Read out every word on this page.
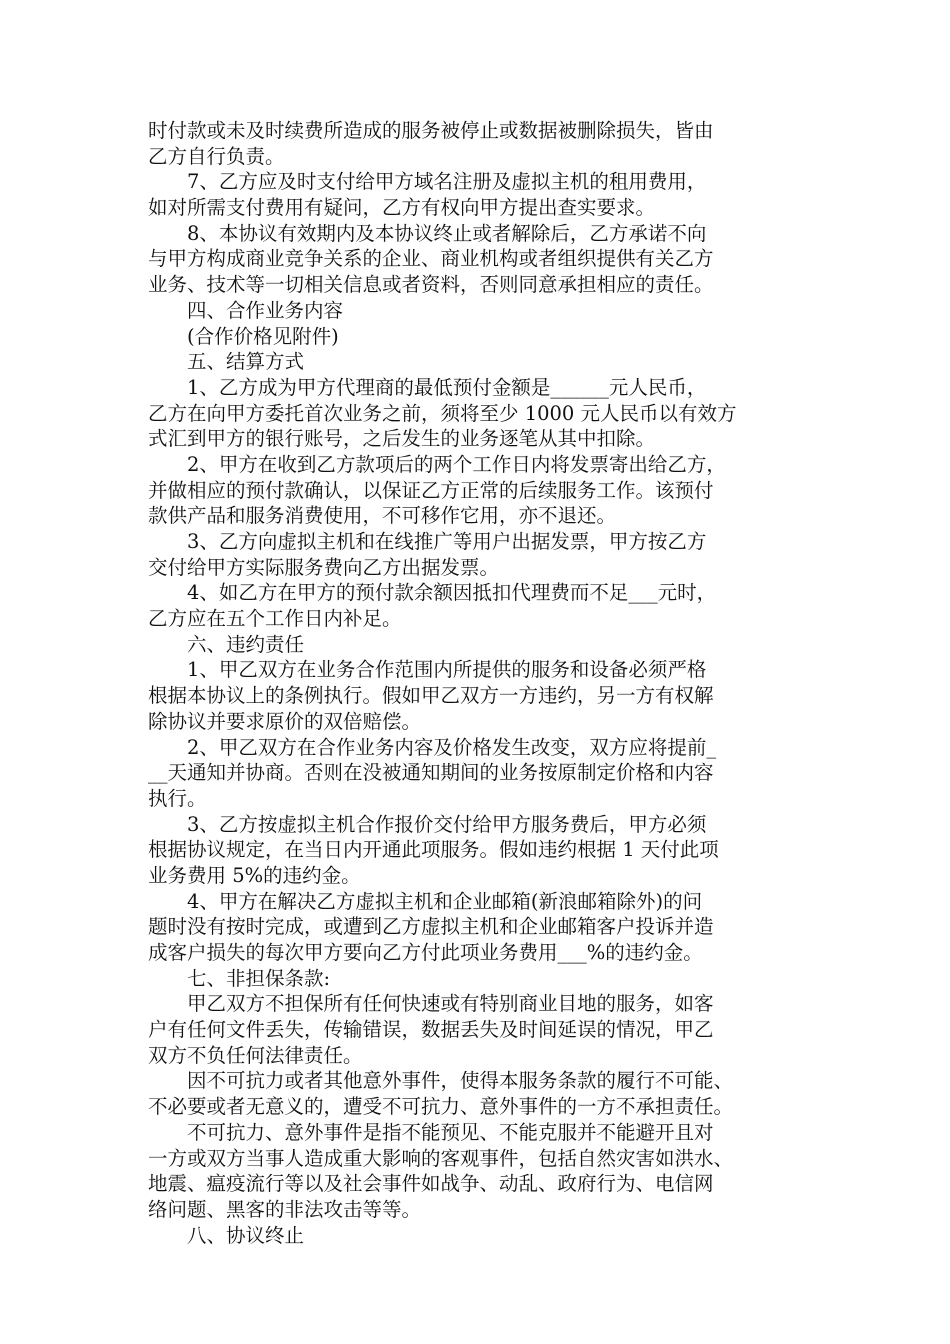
时付款或未及时续费所造成的服务被停止或数据被删除损失，皆由
乙方自行负责。
　　7、乙方应及时支付给甲方域名注册及虚拟主机的租用费用，
如对所需支付费用有疑问，乙方有权向甲方提出查实要求。
　　8、本协议有效期内及本协议终止或者解除后，乙方承诺不向
与甲方构成商业竞争关系的企业、商业机构或者组织提供有关乙方
业务、技术等一切相关信息或者资料，否则同意承担相应的责任。
　　四、合作业务内容
　　(合作价格见附件)
　　五、结算方式
　　1、乙方成为甲方代理商的最低预付金额是______元人民币，
乙方在向甲方委托首次业务之前，须将至少 1000 元人民币以有效方
式汇到甲方的银行账号，之后发生的业务逐笔从其中扣除。
　　2、甲方在收到乙方款项后的两个工作日内将发票寄出给乙方，
并做相应的预付款确认，以保证乙方正常的后续服务工作。该预付
款供产品和服务消费使用，不可移作它用，亦不退还。
　　3、乙方向虚拟主机和在线推广等用户出据发票，甲方按乙方
交付给甲方实际服务费向乙方出据发票。
　　4、如乙方在甲方的预付款余额因抵扣代理费而不足___元时，
乙方应在五个工作日内补足。
　　六、违约责任
　　1、甲乙双方在业务合作范围内所提供的服务和设备必须严格
根据本协议上的条例执行。假如甲乙双方一方违约，另一方有权解
除协议并要求原价的双倍赔偿。
　　2、甲乙双方在合作业务内容及价格发生改变，双方应将提前_
__天通知并协商。否则在没被通知期间的业务按原制定价格和内容
执行。
　　3、乙方按虚拟主机合作报价交付给甲方服务费后，甲方必须
根据协议规定，在当日内开通此项服务。假如违约根据 1 天付此项
业务费用 5%的违约金。
　　4、甲方在解决乙方虚拟主机和企业邮箱(新浪邮箱除外)的问
题时没有按时完成，或遭到乙方虚拟主机和企业邮箱客户投诉并造
成客户损失的每次甲方要向乙方付此项业务费用___%的违约金。
　　七、非担保条款:
　　甲乙双方不担保所有任何快速或有特别商业目地的服务，如客
户有任何文件丢失，传输错误，数据丢失及时间延误的情况，甲乙
双方不负任何法律责任。
　　因不可抗力或者其他意外事件，使得本服务条款的履行不可能、
不必要或者无意义的，遭受不可抗力、意外事件的一方不承担责任。
　　不可抗力、意外事件是指不能预见、不能克服并不能避开且对
一方或双方当事人造成重大影响的客观事件，包括自然灾害如洪水、
地震、瘟疫流行等以及社会事件如战争、动乱、政府行为、电信网
络问题、黑客的非法攻击等等。
　　八、协议终止
